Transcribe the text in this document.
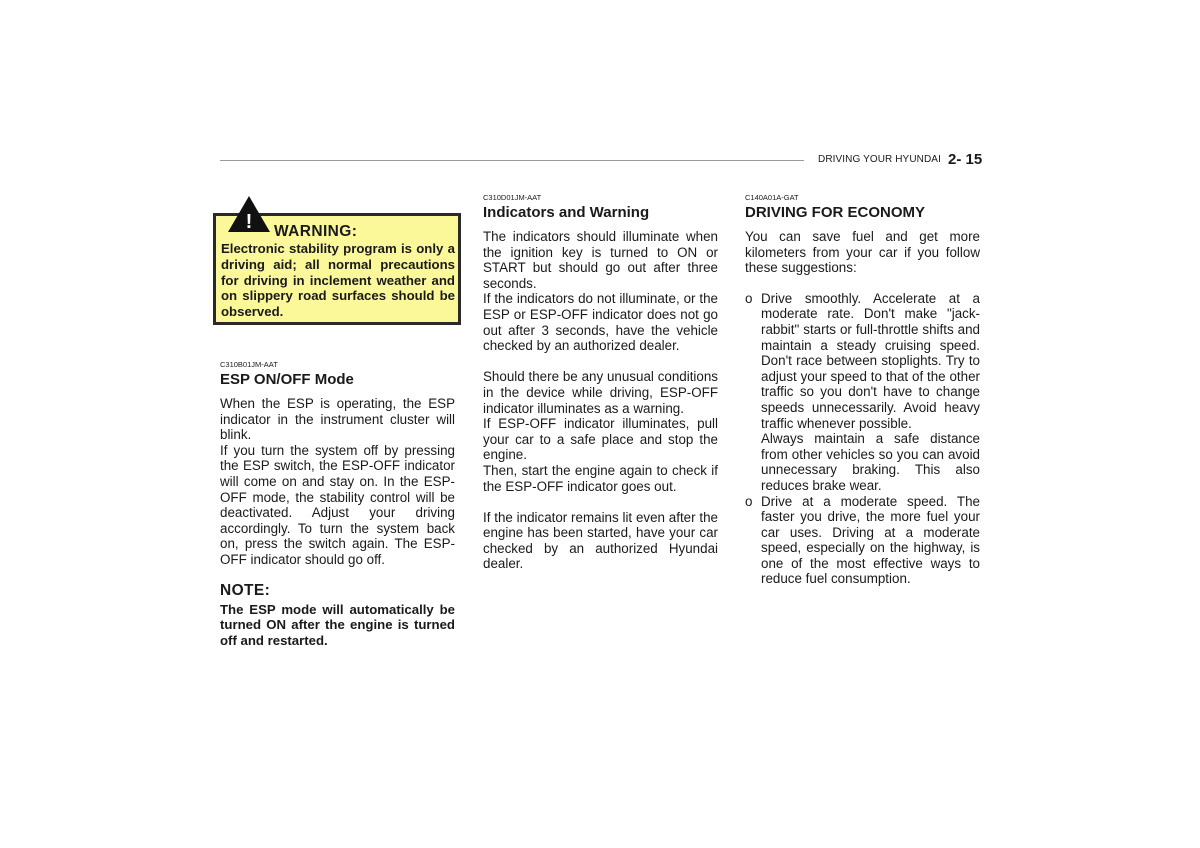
DRIVING YOUR HYUNDAI 2- 15
! WARNING:
Electronic stability program is only a driving aid; all normal precautions for driving in inclement weather and on slippery road surfaces should be observed.
C310B01JM-AAT
ESP ON/OFF Mode

When the ESP is operating, the ESP indicator in the instrument cluster will blink.

If you turn the system off by pressing the ESP switch, the ESP-OFF indicator will come on and stay on. In the ESP-OFF mode, the stability control will be deactivated. Adjust your driving accordingly. To turn the system back on, press the switch again. The ESP-OFF indicator should go off.

NOTE:

The ESP mode will automatically be turned ON after the engine is turned off and restarted.

C310D01JM-AAT
Indicators and Warning

The indicators should illuminate when the ignition key is turned to ON or START but should go out after three seconds.

If the indicators do not illuminate, or the ESP or ESP-OFF indicator does not go out after 3 seconds, have the vehicle checked by an authorized dealer.

Should there be any unusual conditions in the device while driving, ESP-OFF indicator illuminates as a warning.

If ESP-OFF indicator illuminates, pull your car to a safe place and stop the engine.

Then, start the engine again to check if the ESP-OFF indicator goes out.

If the indicator remains lit even after the engine has been started, have your car checked by an authorized Hyundai dealer.

C140A01A-GAT
DRIVING FOR ECONOMY

You can save fuel and get more kilometers from your car if you follow these suggestions:

o Drive smoothly. Accelerate at a moderate rate. Don't make "jack-rabbit" starts or full-throttle shifts and maintain a steady cruising speed. Don't race between stoplights. Try to adjust your speed to that of the other traffic so you don't have to change speeds unnecessarily. Avoid heavy traffic whenever possible.

Always maintain a safe distance from other vehicles so you can avoid unnecessary braking. This also reduces brake wear.

o Drive at a moderate speed. The faster you drive, the more fuel your car uses. Driving at a moderate speed, especially on the highway, is one of the most effective ways to reduce fuel consumption.
